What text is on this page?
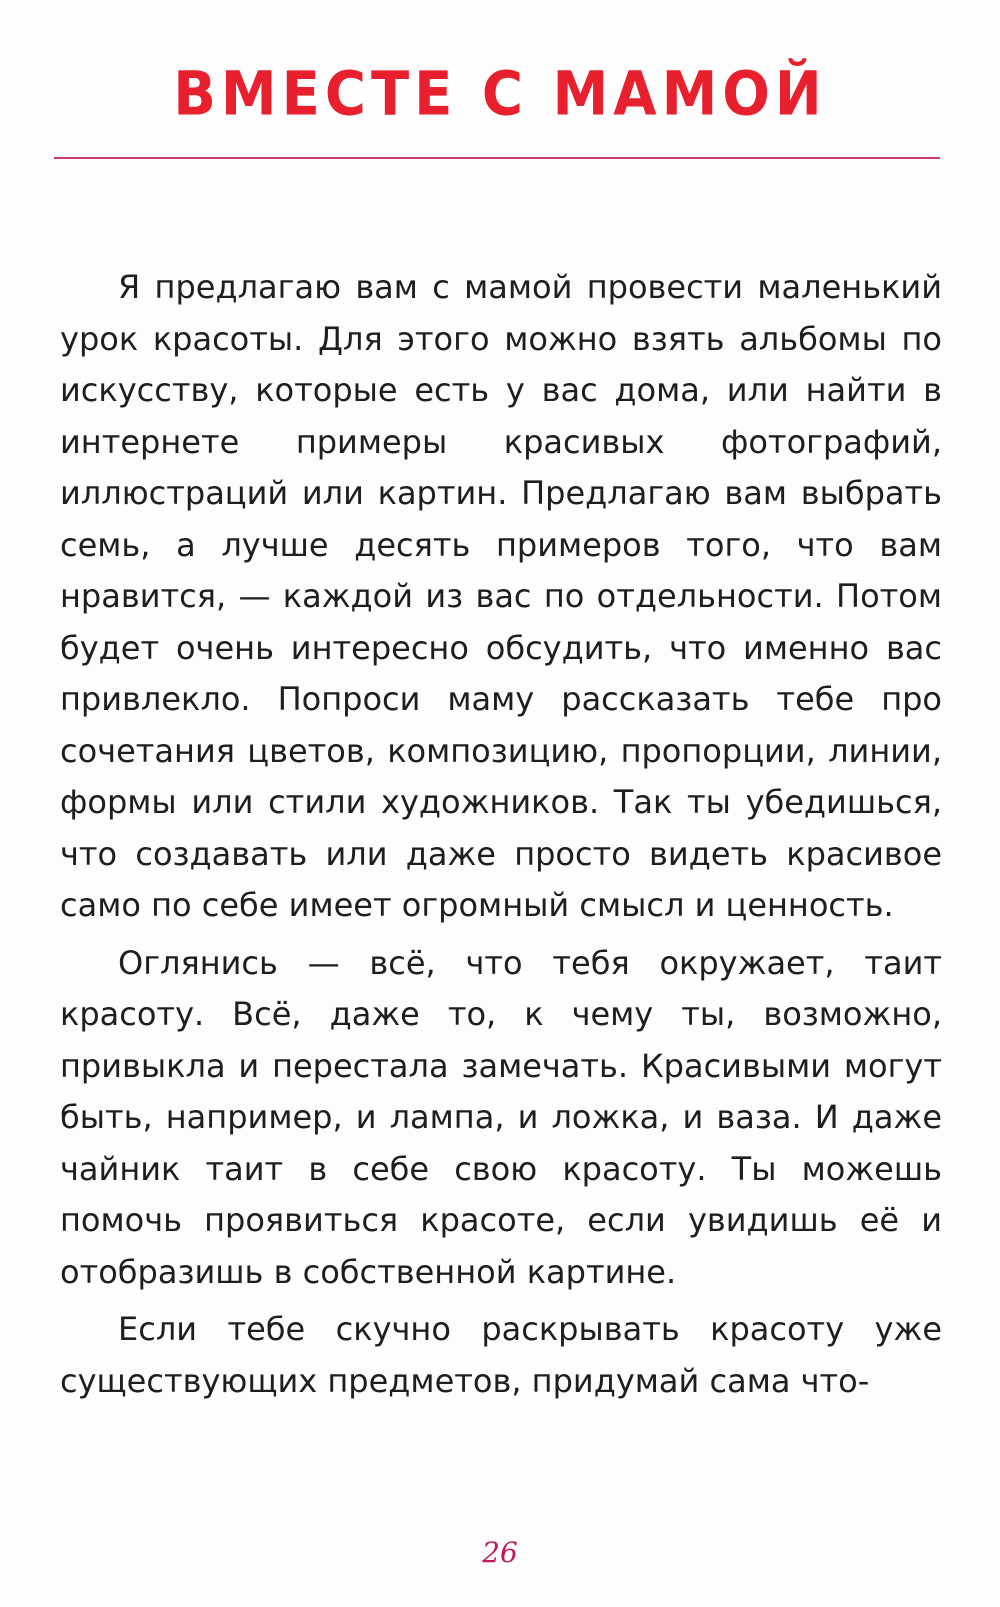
ВМЕСТЕ С МАМОЙ

Я предлагаю вам с мамой провести маленький урок красоты. Для этого можно взять альбомы по искусству, которые есть у вас дома, или найти в интернете примеры красивых фотографий, иллюстраций или картин. Предлагаю вам выбрать семь, а лучше десять примеров того, что вам нравится, — каждой из вас по отдельности. Потом будет очень интересно обсудить, что именно вас привлекло. Попроси маму рассказать тебе про сочетания цветов, композицию, пропорции, линии, формы или стили художников. Так ты убедишься, что создавать или даже просто видеть красивое само по себе имеет огромный смысл и ценность.

Оглянись — всё, что тебя окружает, таит красоту. Всё, даже то, к чему ты, возможно, привыкла и перестала замечать. Красивыми могут быть, например, и лампа, и ложка, и ваза. И даже чайник таит в себе свою красоту. Ты можешь помочь проявиться красоте, если увидишь её и отобразишь в собственной картине.

Если тебе скучно раскрывать красоту уже существующих предметов, придумай сама что-

26
